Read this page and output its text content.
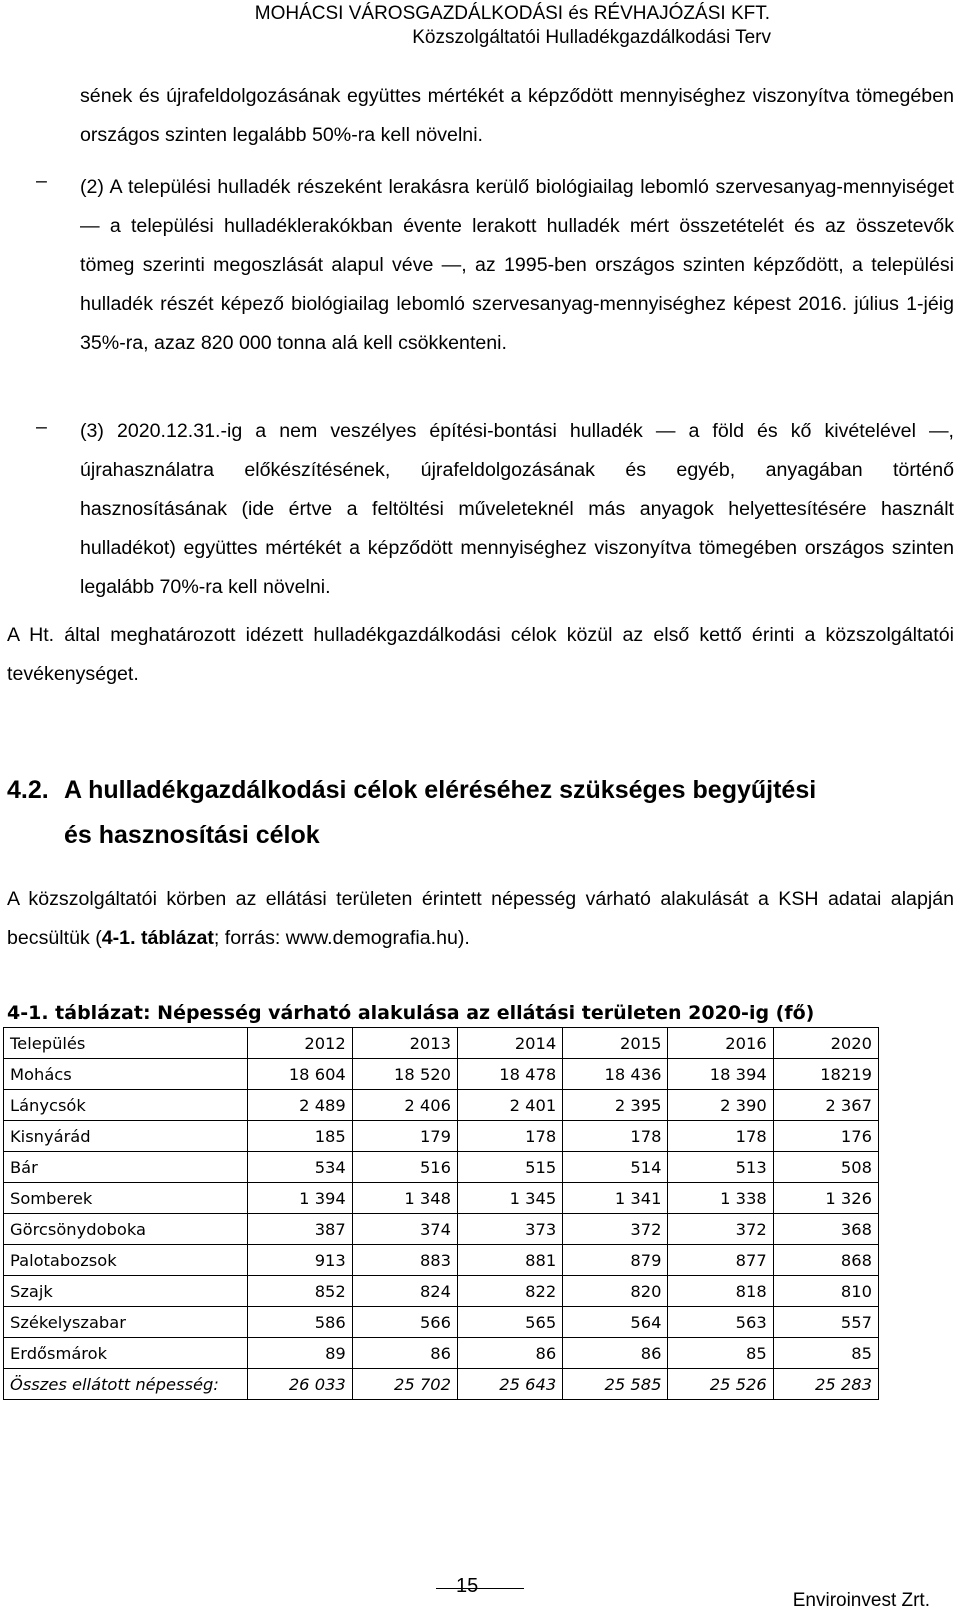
MOHÁCSI VÁROSGAZDÁLKODÁSI és RÉVHAJÓZÁSI KFT.
Közszolgáltatói Hulladékgazdálkodási Terv
sének és újrafeldolgozásának együttes mértékét a képződött mennyiséghez viszonyítva tömegében országos szinten legalább 50%-ra kell növelni.
– (2) A települési hulladék részeként lerakásra kerülő biológiailag lebomló szervesanyag-mennyiséget — a települési hulladéklerakókban évente lerakott hulladék mért összetételét és az összetevők tömeg szerinti megoszlását alapul véve —, az 1995-ben országos szinten képződött, a települési hulladék részét képező biológiailag lebomló szervesanyag-mennyiséghez képest 2016. július 1-jéig 35%-ra, azaz 820 000 tonna alá kell csökkenteni.
– (3) 2020.12.31.-ig a nem veszélyes építési-bontási hulladék — a föld és kő kivételével —, újrahasználatra előkészítésének, újrafeldolgozásának és egyéb, anyagában történő hasznosításának (ide értve a feltöltési műveleteknél más anyagok helyettesítésére használt hulladékot) együttes mértékét a képződött mennyiséghez viszonyítva tömegében országos szinten legalább 70%-ra kell növelni.
A Ht. által meghatározott idézett hulladékgazdálkodási célok közül az első kettő érinti a közszolgáltatói tevékenységet.
4.2. A hulladékgazdálkodási célok eléréséhez szükséges begyűjtési
és hasznosítási célok
A közszolgáltatói körben az ellátási területen érintett népesség várható alakulását a KSH adatai alapján becsültük (4-1. táblázat; forrás: www.demografia.hu).
4-1. táblázat: Népesség várható alakulása az ellátási területen 2020-ig (fő)
Település	2012	2013	2014	2015	2016	2020
Mohács	18 604	18 520	18 478	18 436	18 394	18219
Lánycsók	2 489	2 406	2 401	2 395	2 390	2 367
Kisnyárád	185	179	178	178	178	176
Bár	534	516	515	514	513	508
Somberek	1 394	1 348	1 345	1 341	1 338	1 326
Görcsönydoboka	387	374	373	372	372	368
Palotabozsok	913	883	881	879	877	868
Szajk	852	824	822	820	818	810
Székelyszabar	586	566	565	564	563	557
Erdősmárok	89	86	86	86	85	85
Összes ellátott népesség:	26 033	25 702	25 643	25 585	25 526	25 283
15
Enviroinvest Zrt.
